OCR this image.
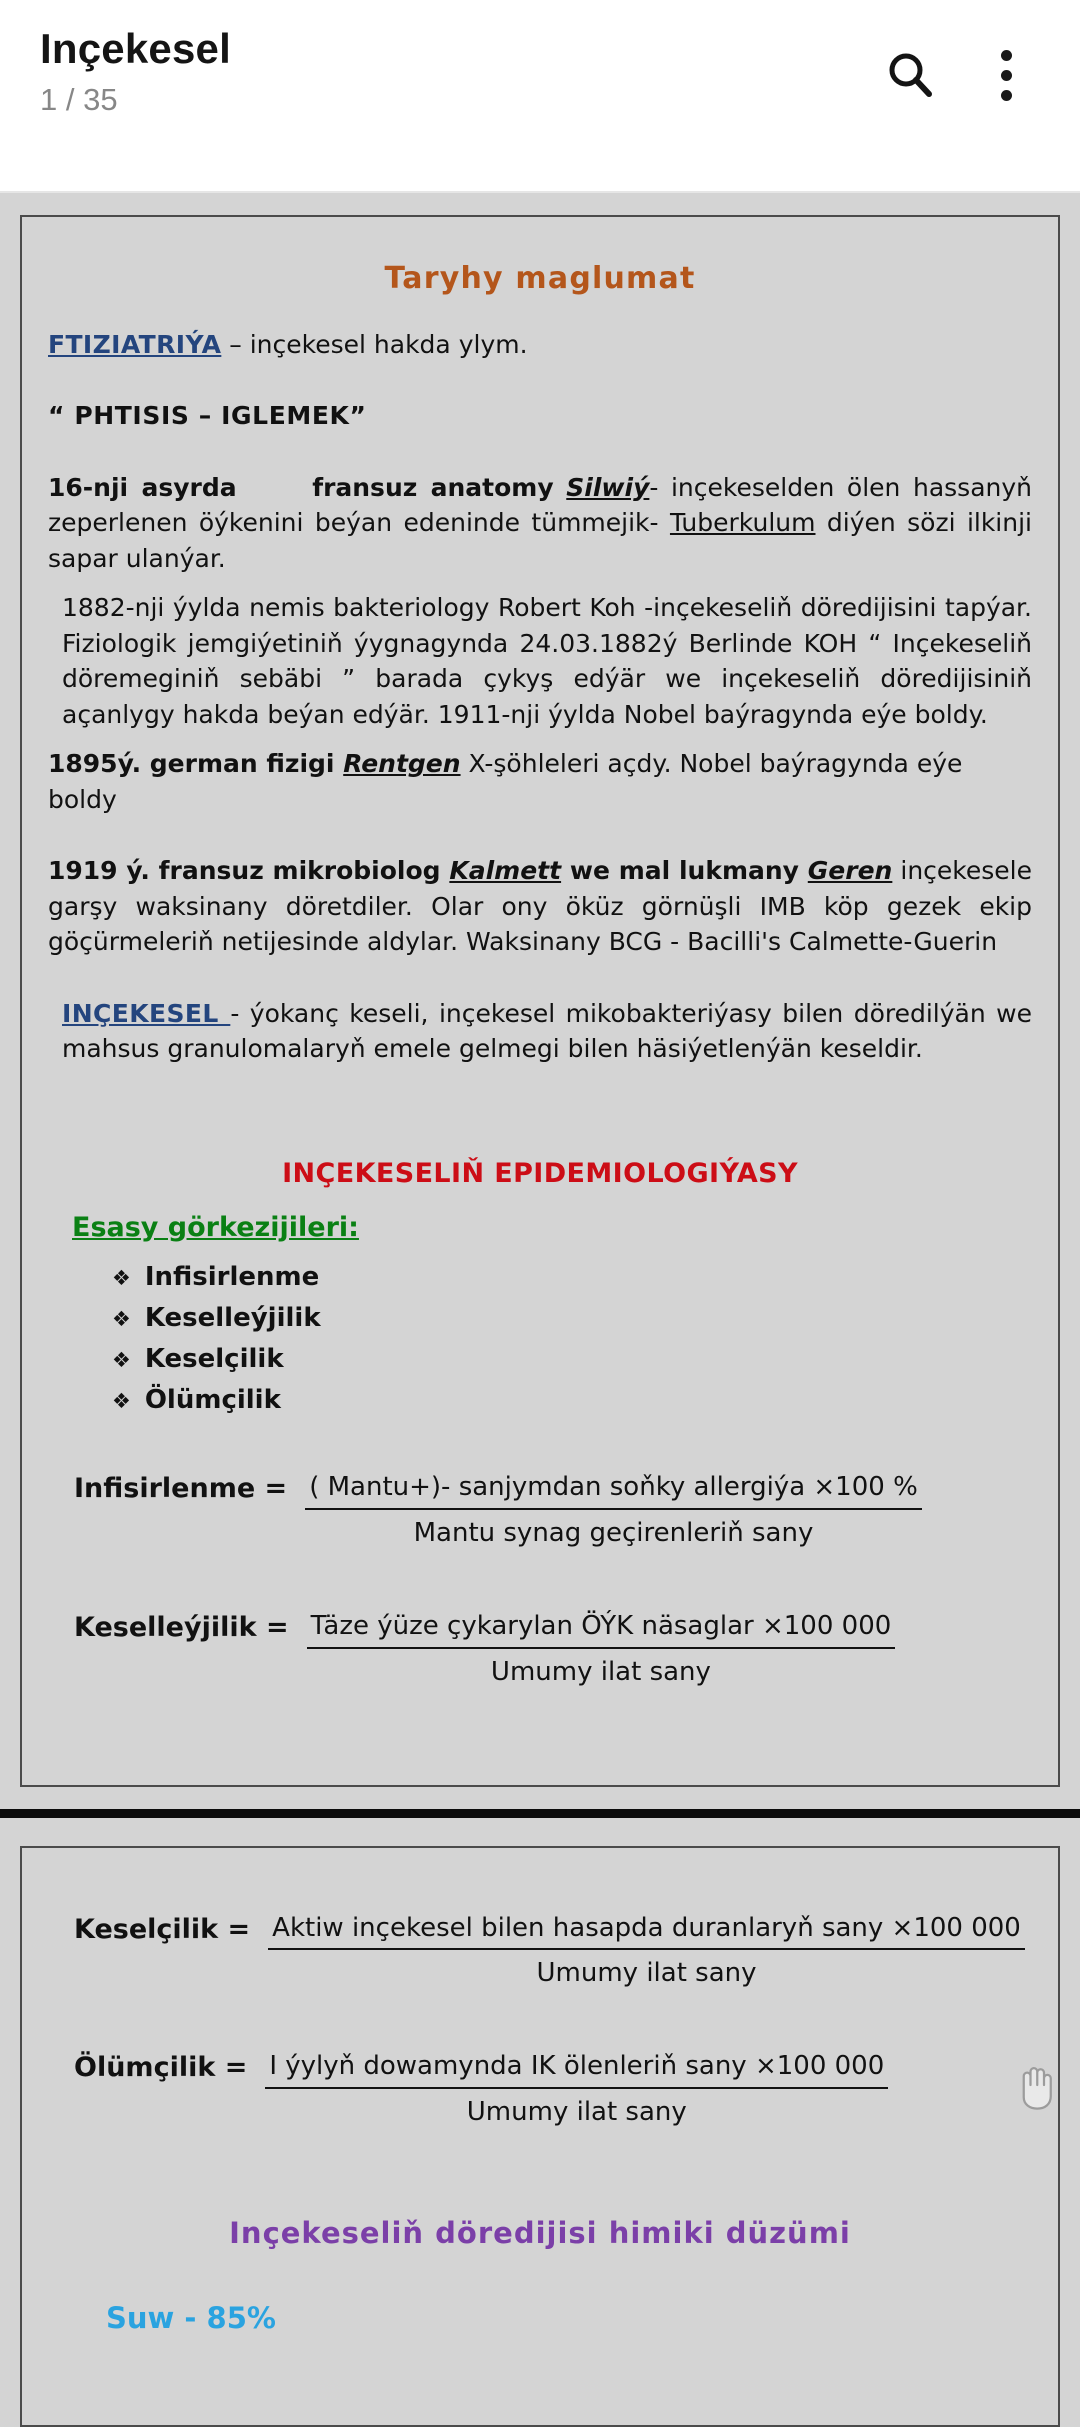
Inçekesel
1 / 35
Taryhy maglumat
FTIZIATRIÝA – inçekesel hakda ylym.
“ PHTISIS – IGLEMEK”
16-nji asyrda	fransuz anatomy Silwiý- inçekeselden ölen hassanyň zeperlenen öýkenini beýan edeninde tümmejik- Tuberkulum diýen sözi ilkinji sapar ulanýar.
1882-nji ýylda nemis bakteriology Robert Koh -inçekeseliň döredijisini tapýar. Fiziologik jemgiýetiniň ýygnagynda 24.03.1882ý Berlinde KOH “ Inçekeseliň döremeginiň sebäbi ” barada çykyş edýär we inçekeseliň döredijisiniň açanlygy hakda beýan edýär. 1911-nji ýylda Nobel baýragynda eýe boldy.
1895ý. german fizigi Rentgen X-şöhleleri açdy. Nobel baýragynda eýe boldy
1919 ý. fransuz mikrobiolog Kalmett we mal lukmany Geren inçekesele garşy waksinany döretdiler. Olar ony öküz görnüşli IMB köp gezek ekip göçürmeleriň netijesinde aldylar. Waksinany BCG - Bacilli's Calmette-Guerin
INÇEKESEL - ýokanç keseli, inçekesel mikobakteriýasy bilen döredilýän we mahsus granulomalaryň emele gelmegi bilen häsiýetlenýän keseldir.
INÇEKESELIŇ EPIDEMIOLOGIÝASY
Esasy görkezijileri:
❖ Infisirlenme
❖ Keselleýjilik
❖ Keselçilik
❖ Ölümçilik
Infisirlenme = $\frac{\text{( Mantu+)- sanjymdan soňky allergiýa ×100 \%}}{\text{Mantu synag geçirenleriň sany}}$
Keselleýjilik = $\frac{\text{Täze ýüze çykarylan ÖÝK näsaglar ×100 000}}{\text{Umumy ilat sany}}$
Keselçilik = $\frac{\text{Aktiw inçekesel bilen hasapda duranlaryň sany ×100 000}}{\text{Umumy ilat sany}}$
Ölümçilik = $\frac{\text{I ýylyň dowamynda IK ölenleriň sany ×100 000}}{\text{Umumy ilat sany}}$
Inçekeseliň döredijisi himiki düzümi
Suw - 85%
